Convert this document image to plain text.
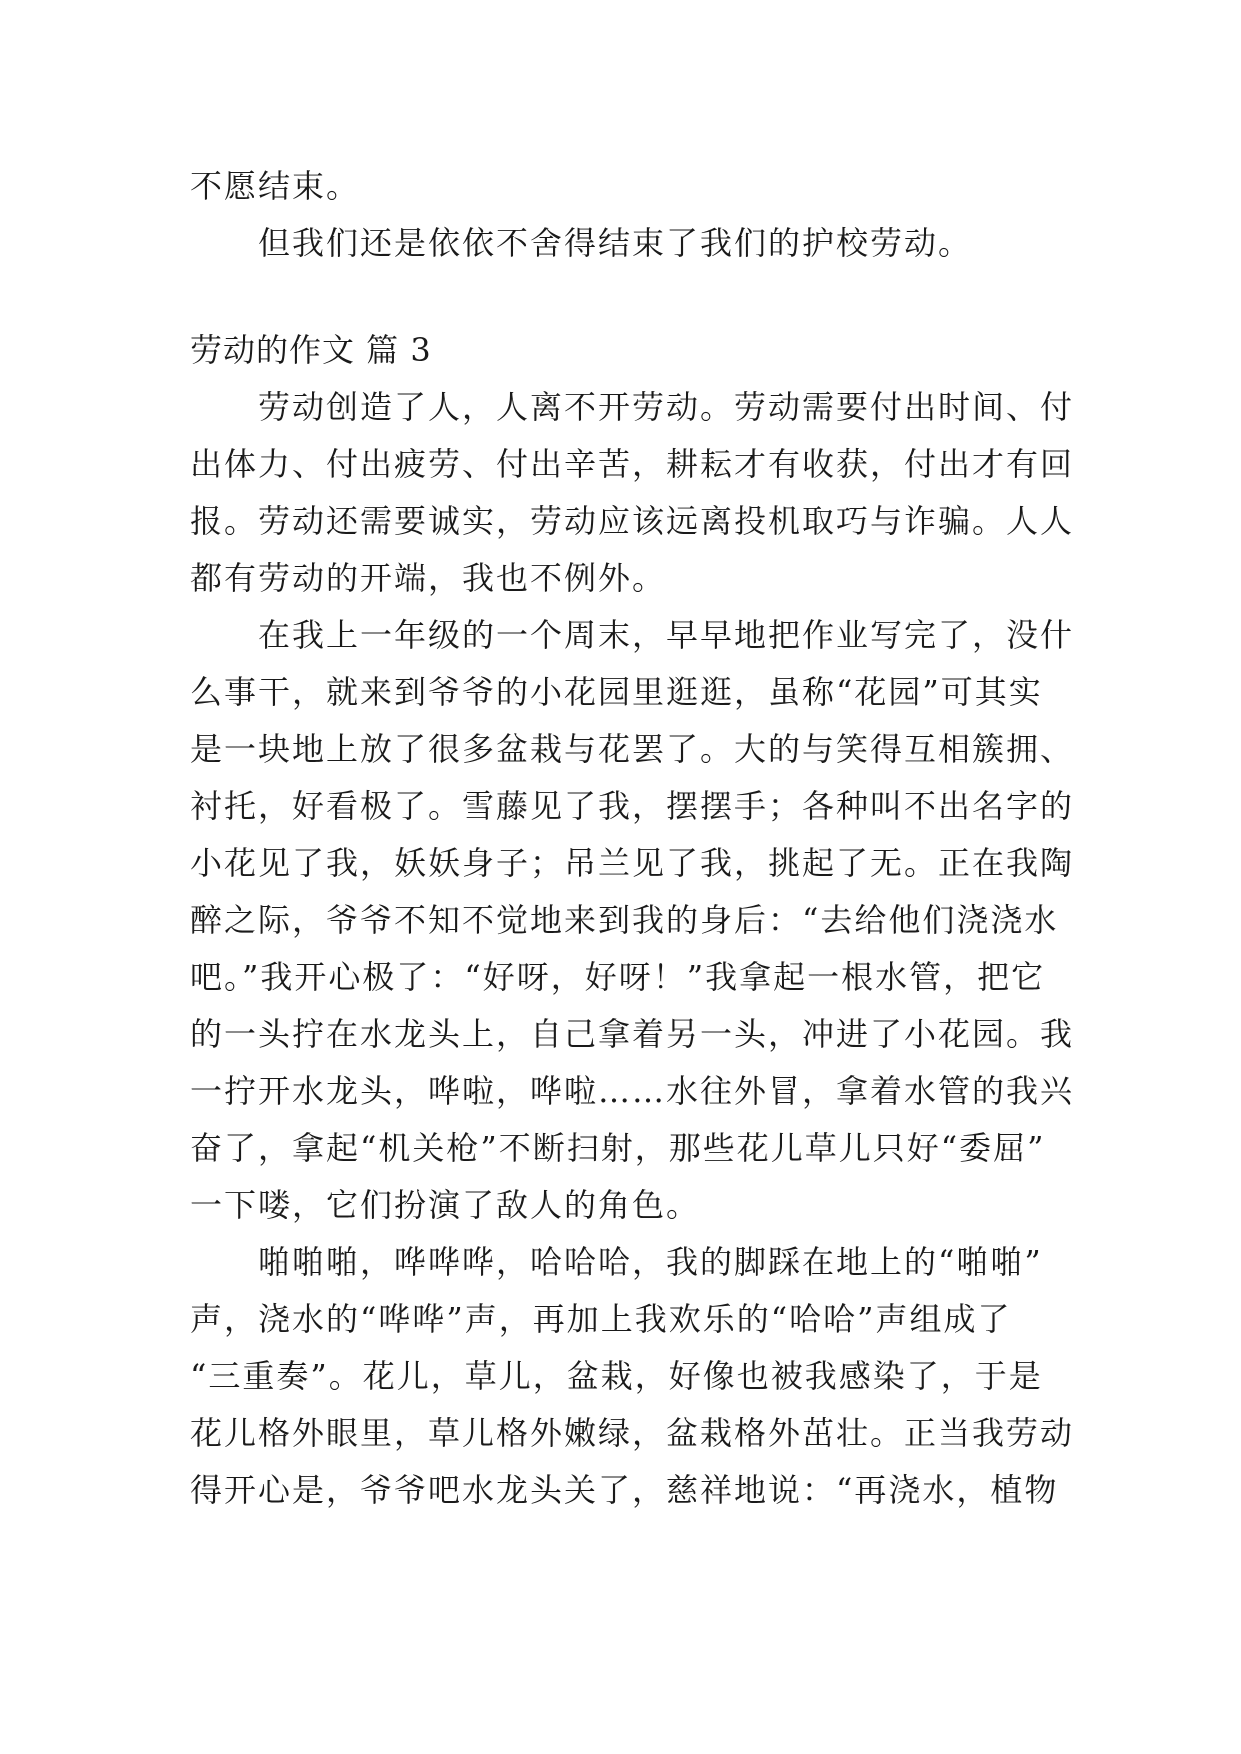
不愿结束。
但我们还是依依不舍得结束了我们的护校劳动。
劳动的作文 篇 3
劳动创造了人，人离不开劳动。劳动需要付出时间、付
出体力、付出疲劳、付出辛苦，耕耘才有收获，付出才有回
报。劳动还需要诚实，劳动应该远离投机取巧与诈骗。人人
都有劳动的开端，我也不例外。
在我上一年级的一个周末，早早地把作业写完了，没什
么事干，就来到爷爷的小花园里逛逛，虽称“花园”可其实
是一块地上放了很多盆栽与花罢了。大的与笑得互相簇拥、
衬托，好看极了。雪藤见了我，摆摆手；各种叫不出名字的
小花见了我，妖妖身子；吊兰见了我，挑起了无。正在我陶
醉之际，爷爷不知不觉地来到我的身后：“去给他们浇浇水
吧。”我开心极了：“好呀，好呀！”我拿起一根水管，把它
的一头拧在水龙头上，自己拿着另一头，冲进了小花园。我
一拧开水龙头，哗啦，哗啦……水往外冒，拿着水管的我兴
奋了，拿起“机关枪”不断扫射，那些花儿草儿只好“委屈”
一下喽，它们扮演了敌人的角色。
啪啪啪，哗哗哗，哈哈哈，我的脚踩在地上的“啪啪”
声，浇水的“哗哗”声，再加上我欢乐的“哈哈”声组成了
“三重奏”。花儿，草儿，盆栽，好像也被我感染了，于是
花儿格外眼里，草儿格外嫩绿，盆栽格外茁壮。正当我劳动
得开心是，爷爷吧水龙头关了，慈祥地说：“再浇水，植物
